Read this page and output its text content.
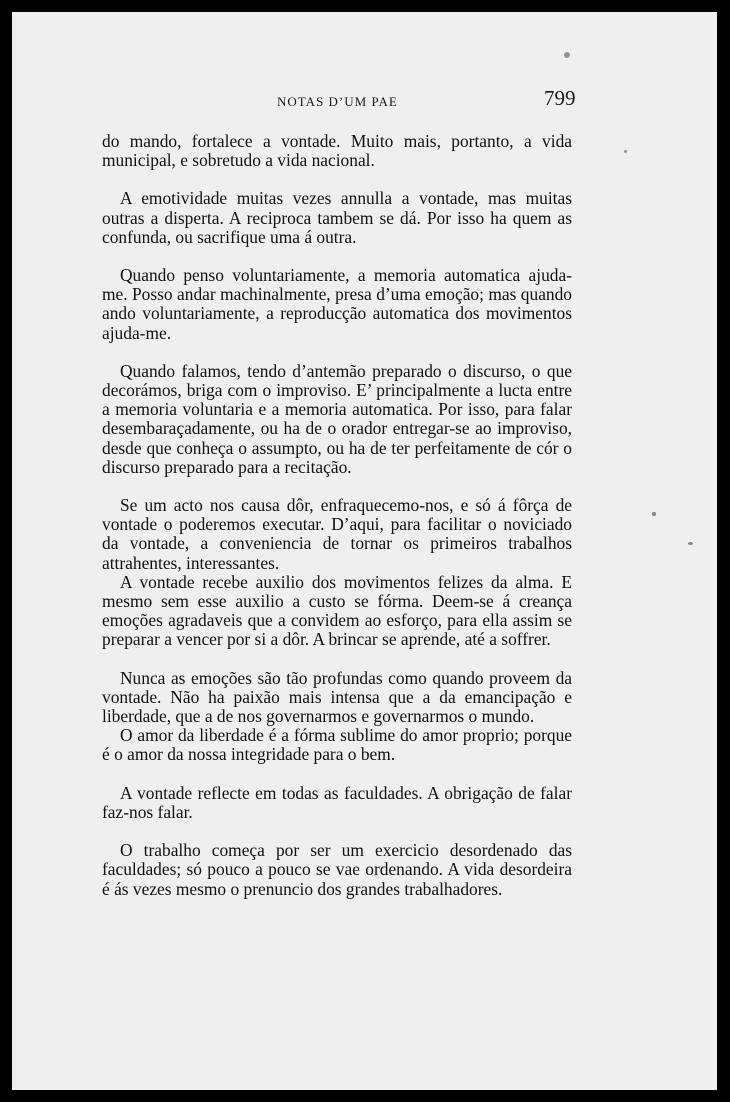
NOTAS D’UM PAE	799

do mando, fortalece a vontade. Muito mais, portanto, a vida municipal, e sobretudo a vida nacional.

A emotividade muitas vezes annulla a vontade, mas muitas outras a disperta. A reciproca tambem se dá. Por isso ha quem as confunda, ou sacrifique uma á outra.

Quando penso voluntariamente, a memoria automatica ajuda-me. Posso andar machinalmente, presa d’uma emoção; mas quando ando voluntariamente, a reproducção automatica dos movimentos ajuda-me.

Quando falamos, tendo d’antemão preparado o discurso, o que decorámos, briga com o improviso. E’ principalmente a lucta entre a memoria voluntaria e a memoria automatica. Por isso, para falar desembaraçadamente, ou ha de o orador entregar-se ao improviso, desde que conheça o assumpto, ou ha de ter perfeitamente de cór o discurso preparado para a recitação.

Se um acto nos causa dôr, enfraquecemo-nos, e só á fôrça de vontade o poderemos executar. D’aqui, para facilitar o noviciado da vontade, a conveniencia de tornar os primeiros trabalhos attrahentes, interessantes.

A vontade recebe auxilio dos movimentos felizes da alma. E mesmo sem esse auxilio a custo se fórma. Deem-se á creança emoções agradaveis que a convidem ao esforço, para ella assim se preparar a vencer por si a dôr. A brincar se aprende, até a soffrer.

Nunca as emoções são tão profundas como quando proveem da vontade. Não ha paixão mais intensa que a da emancipação e liberdade, que a de nos governarmos e governarmos o mundo.

O amor da liberdade é a fórma sublime do amor proprio; porque é o amor da nossa integridade para o bem.

A vontade reflecte em todas as faculdades. A obrigação de falar faz-nos falar.

O trabalho começa por ser um exercicio desordenado das faculdades; só pouco a pouco se vae ordenando. A vida desordeira é ás vezes mesmo o prenuncio dos grandes trabalhadores.
